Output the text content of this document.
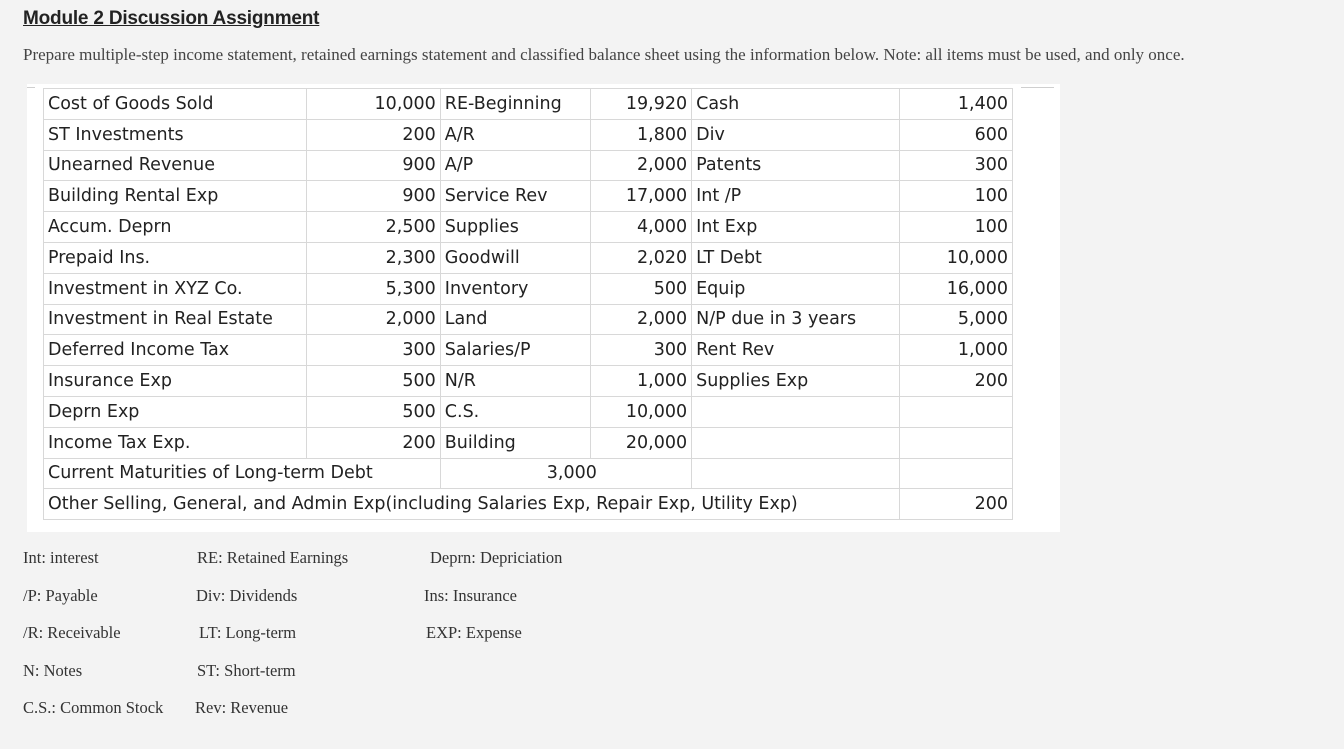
Module 2 Discussion Assignment
Prepare multiple-step income statement, retained earnings statement and classified balance sheet using the information below. Note: all items must be used, and only once.
Cost of Goods Sold	10,000	RE-Beginning	19,920	Cash	1,400
ST Investments	200	A/R	1,800	Div	600
Unearned Revenue	900	A/P	2,000	Patents	300
Building Rental Exp	900	Service Rev	17,000	Int /P	100
Accum. Deprn	2,500	Supplies	4,000	Int Exp	100
Prepaid Ins.	2,300	Goodwill	2,020	LT Debt	10,000
Investment in XYZ Co.	5,300	Inventory	500	Equip	16,000
Investment in Real Estate	2,000	Land	2,000	N/P due in 3 years	5,000
Deferred Income Tax	300	Salaries/P	300	Rent Rev	1,000
Insurance Exp	500	N/R	1,000	Supplies Exp	200
Deprn Exp	500	C.S.	10,000		
Income Tax Exp.	200	Building	20,000		
Current Maturities of Long-term Debt		3,000			
Other Selling, General, and Admin Exp(including Salaries Exp, Repair Exp, Utility Exp)					200
Int: interest	RE: Retained Earnings	Deprn: Depriciation
/P: Payable	Div: Dividends	Ins: Insurance
/R: Receivable	LT: Long-term	EXP: Expense
N: Notes	ST: Short-term
C.S.: Common Stock Rev: Revenue
